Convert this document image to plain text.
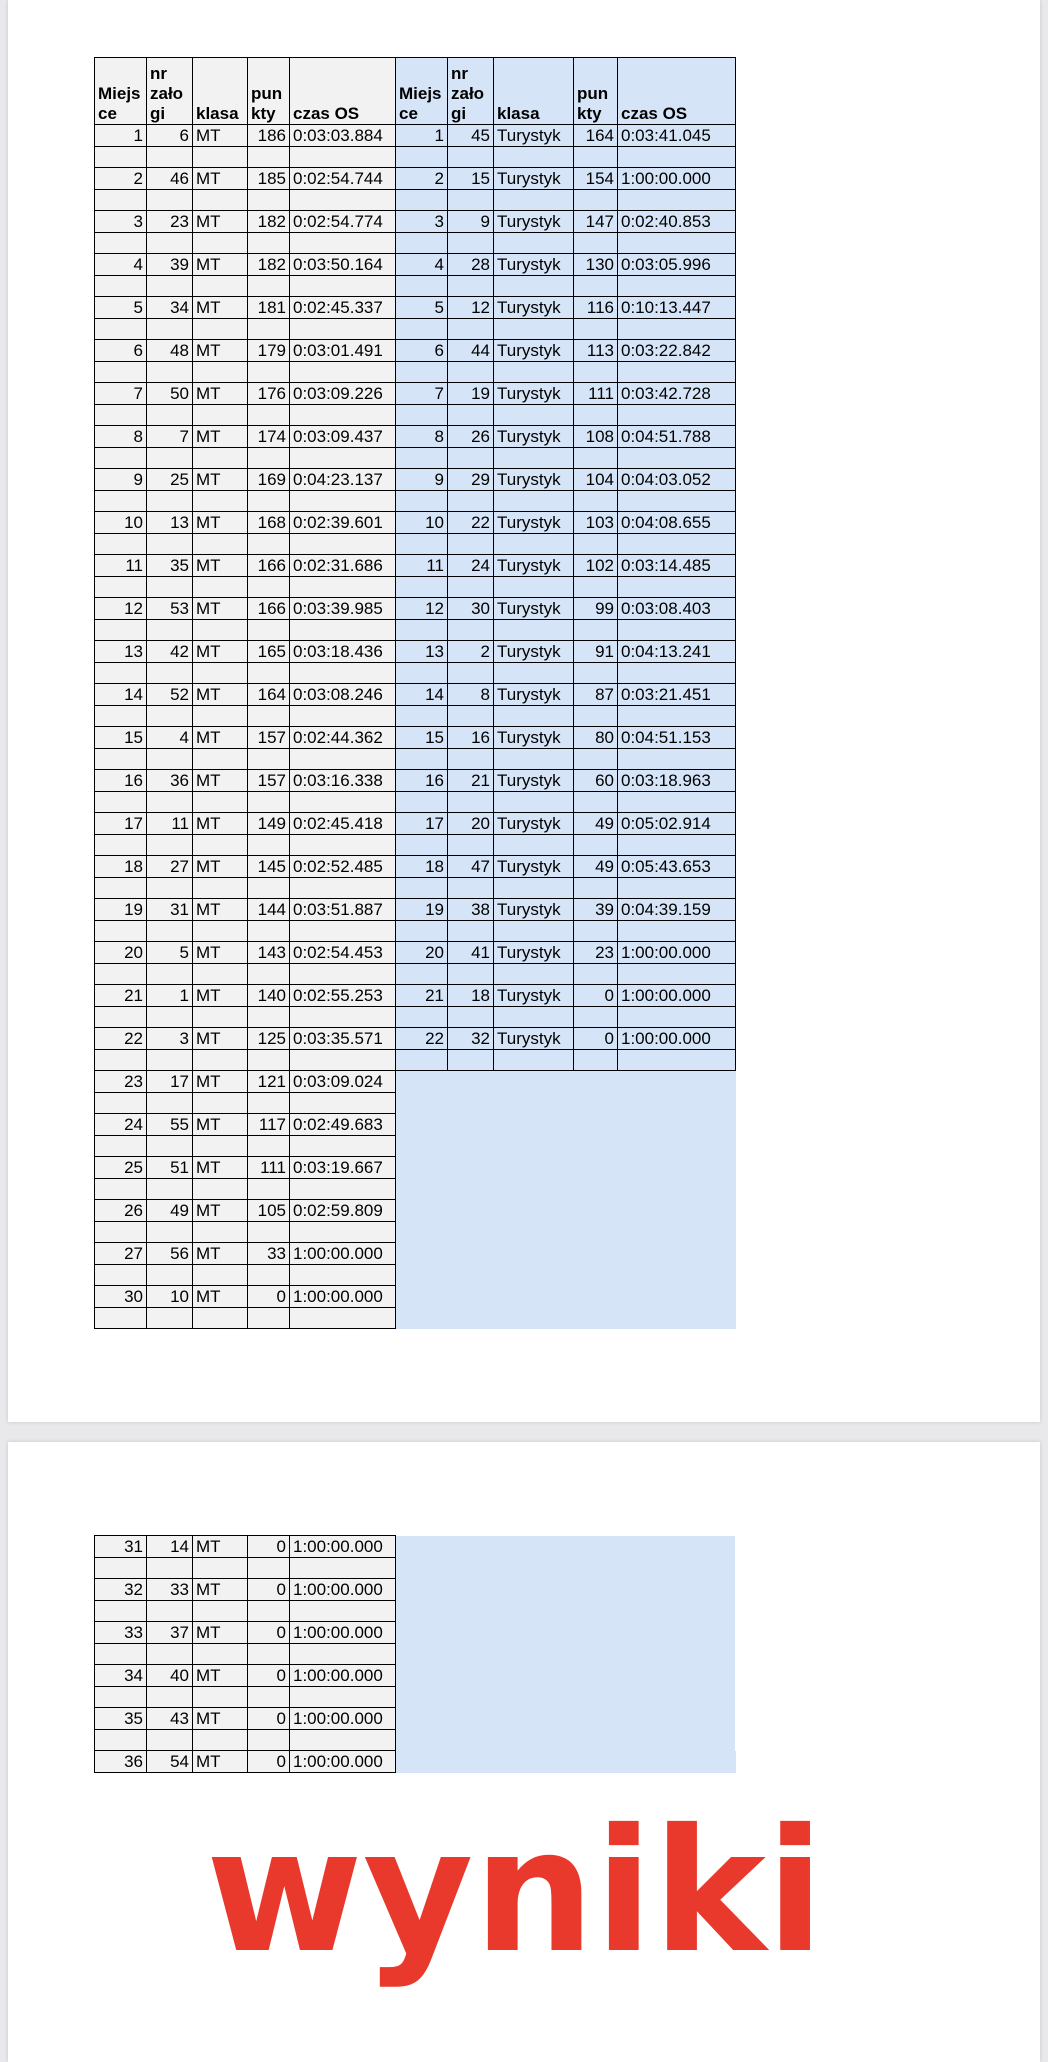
Miejs ce	nr zało gi	klasa	pun kty	czas OS	Miejs ce	nr zało gi	klasa	pun kty	czas OS
1	6	MT	186	0:03:03.884	1	45	Turystyk	164	0:03:41.045

2	46	MT	185	0:02:54.744	2	15	Turystyk	154	1:00:00.000

3	23	MT	182	0:02:54.774	3	9	Turystyk	147	0:02:40.853

4	39	MT	182	0:03:50.164	4	28	Turystyk	130	0:03:05.996

5	34	MT	181	0:02:45.337	5	12	Turystyk	116	0:10:13.447

6	48	MT	179	0:03:01.491	6	44	Turystyk	113	0:03:22.842

7	50	MT	176	0:03:09.226	7	19	Turystyk	111	0:03:42.728

8	7	MT	174	0:03:09.437	8	26	Turystyk	108	0:04:51.788

9	25	MT	169	0:04:23.137	9	29	Turystyk	104	0:04:03.052

10	13	MT	168	0:02:39.601	10	22	Turystyk	103	0:04:08.655

11	35	MT	166	0:02:31.686	11	24	Turystyk	102	0:03:14.485

12	53	MT	166	0:03:39.985	12	30	Turystyk	99	0:03:08.403

13	42	MT	165	0:03:18.436	13	2	Turystyk	91	0:04:13.241

14	52	MT	164	0:03:08.246	14	8	Turystyk	87	0:03:21.451

15	4	MT	157	0:02:44.362	15	16	Turystyk	80	0:04:51.153

16	36	MT	157	0:03:16.338	16	21	Turystyk	60	0:03:18.963

17	11	MT	149	0:02:45.418	17	20	Turystyk	49	0:05:02.914

18	27	MT	145	0:02:52.485	18	47	Turystyk	49	0:05:43.653

19	31	MT	144	0:03:51.887	19	38	Turystyk	39	0:04:39.159

20	5	MT	143	0:02:54.453	20	41	Turystyk	23	1:00:00.000

21	1	MT	140	0:02:55.253	21	18	Turystyk	0	1:00:00.000

22	3	MT	125	0:03:35.571	22	32	Turystyk	0	1:00:00.000

23	17	MT	121	0:03:09.024					

24	55	MT	117	0:02:49.683					

25	51	MT	111	0:03:19.667					

26	49	MT	105	0:02:59.809					

27	56	MT	33	1:00:00.000					

30	10	MT	0	1:00:00.000					

31	14	MT	0	1:00:00.000	

32	33	MT	0	1:00:00.000	

33	37	MT	0	1:00:00.000	

34	40	MT	0	1:00:00.000	

35	43	MT	0	1:00:00.000	

36	54	MT	0	1:00:00.000	
wyniki
